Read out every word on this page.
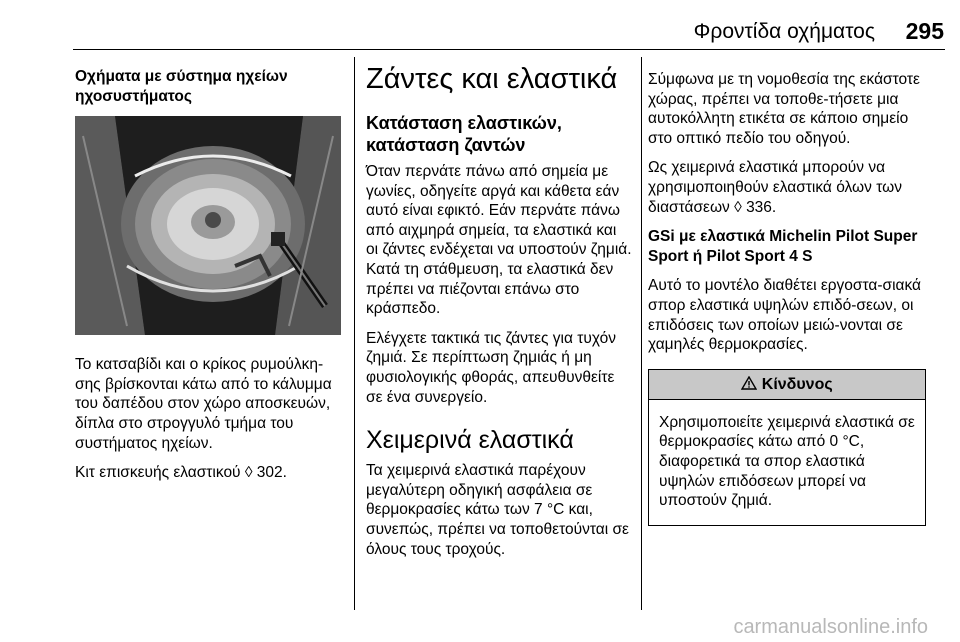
Φροντίδα οχήματος	295

Οχήματα με σύστημα ηχείων ηχοσυστήματος

Το κατσαβίδι και ο κρίκος ρυμούλκη-σης βρίσκονται κάτω από το κάλυμμα του δαπέδου στον χώρο αποσκευών, δίπλα στο στρογγυλό τμήμα του συστήματος ηχείων.

Κιτ επισκευής ελαστικού ◊ 302.

Ζάντες και ελαστικά
Κατάσταση ελαστικών, κατάσταση ζαντών

Όταν περνάτε πάνω από σημεία με γωνίες, οδηγείτε αργά και κάθετα εάν αυτό είναι εφικτό. Εάν περνάτε πάνω από αιχμηρά σημεία, τα ελαστικά και οι ζάντες ενδέχεται να υποστούν ζημιά. Κατά τη στάθμευση, τα ελαστικά δεν πρέπει να πιέζονται επάνω στο κράσπεδο.

Ελέγχετε τακτικά τις ζάντες για τυχόν ζημιά. Σε περίπτωση ζημιάς ή μη φυσιολογικής φθοράς, απευθυνθείτε σε ένα συνεργείο.

Χειμερινά ελαστικά

Τα χειμερινά ελαστικά παρέχουν μεγαλύτερη οδηγική ασφάλεια σε θερμοκρασίες κάτω των 7 °C και, συνεπώς, πρέπει να τοποθετούνται σε όλους τους τροχούς.

Σύμφωνα με τη νομοθεσία της εκάστοτε χώρας, πρέπει να τοποθε-τήσετε μια αυτοκόλλητη ετικέτα σε κάποιο σημείο στο οπτικό πεδίο του οδηγού.

Ως χειμερινά ελαστικά μπορούν να χρησιμοποιηθούν ελαστικά όλων των διαστάσεων ◊ 336.

GSi με ελαστικά Michelin Pilot Super Sport ή Pilot Sport 4 S

Αυτό το μοντέλο διαθέτει εργοστα-σιακά σπορ ελαστικά υψηλών επιδό-σεων, οι επιδόσεις των οποίων μειώ-νονται σε χαμηλές θερμοκρασίες.

Κίνδυνος
Χρησιμοποιείτε χειμερινά ελαστικά σε θερμοκρασίες κάτω από 0 °C, διαφορετικά τα σπορ ελαστικά υψηλών επιδόσεων μπορεί να υποστούν ζημιά.
carmanualsonline.info
